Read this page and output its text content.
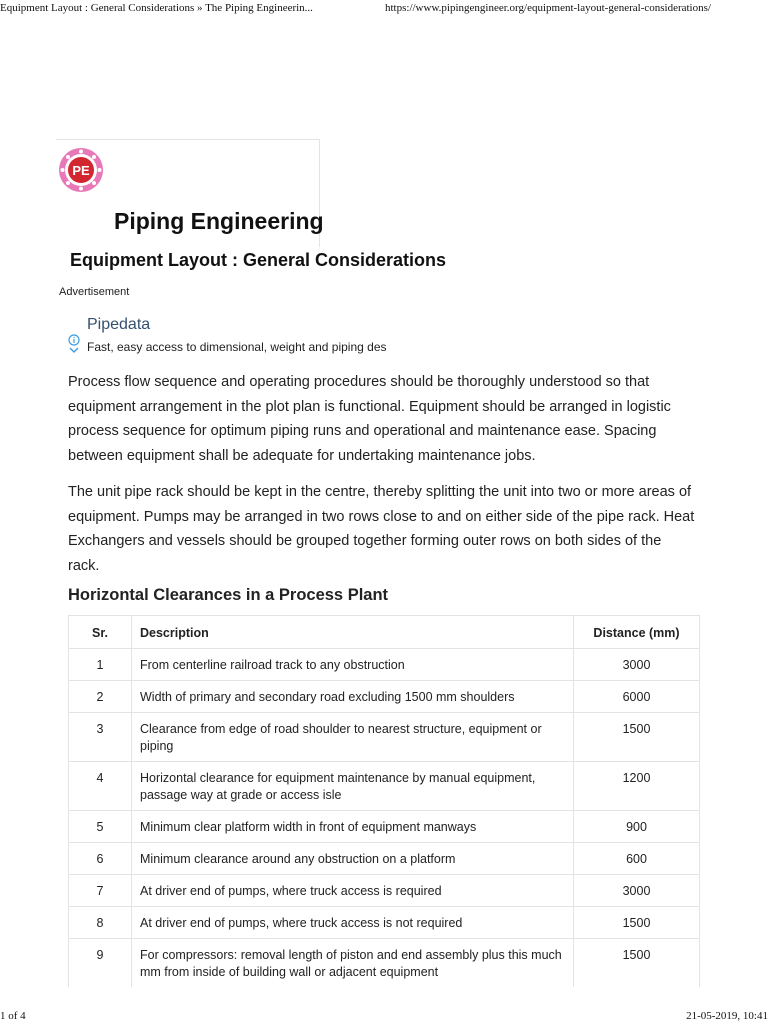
Equipment Layout : General Considerations » The Piping Engineerin...	https://www.pipingengineer.org/equipment-layout-general-considerations/
PE
Piping Engineering
Equipment Layout : General Considerations
Advertisement
Pipedata
Fast, easy access to dimensional, weight and piping des

Process flow sequence and operating procedures should be thoroughly understood so that equipment arrangement in the plot plan is functional. Equipment should be arranged in logistic process sequence for optimum piping runs and operational and maintenance ease. Spacing between equipment shall be adequate for undertaking maintenance jobs.

The unit pipe rack should be kept in the centre, thereby splitting the unit into two or more areas of equipment. Pumps may be arranged in two rows close to and on either side of the pipe rack. Heat Exchangers and vessels should be grouped together forming outer rows on both sides of the rack.

Horizontal Clearances in a Process Plant
Sr.	Description	Distance (mm)
1	From centerline railroad track to any obstruction	3000
2	Width of primary and secondary road excluding 1500 mm shoulders	6000
3	Clearance from edge of road shoulder to nearest structure, equipment or piping	1500
4	Horizontal clearance for equipment maintenance by manual equipment, passage way at grade or access isle	1200
5	Minimum clear platform width in front of equipment manways	900
6	Minimum clearance around any obstruction on a platform	600
7	At driver end of pumps, where truck access is required	3000
8	At driver end of pumps, where truck access is not required	1500
9	For compressors: removal length of piston and end assembly plus this much mm from inside of building wall or adjacent equipment	1500
1 of 4	21-05-2019, 10:41
